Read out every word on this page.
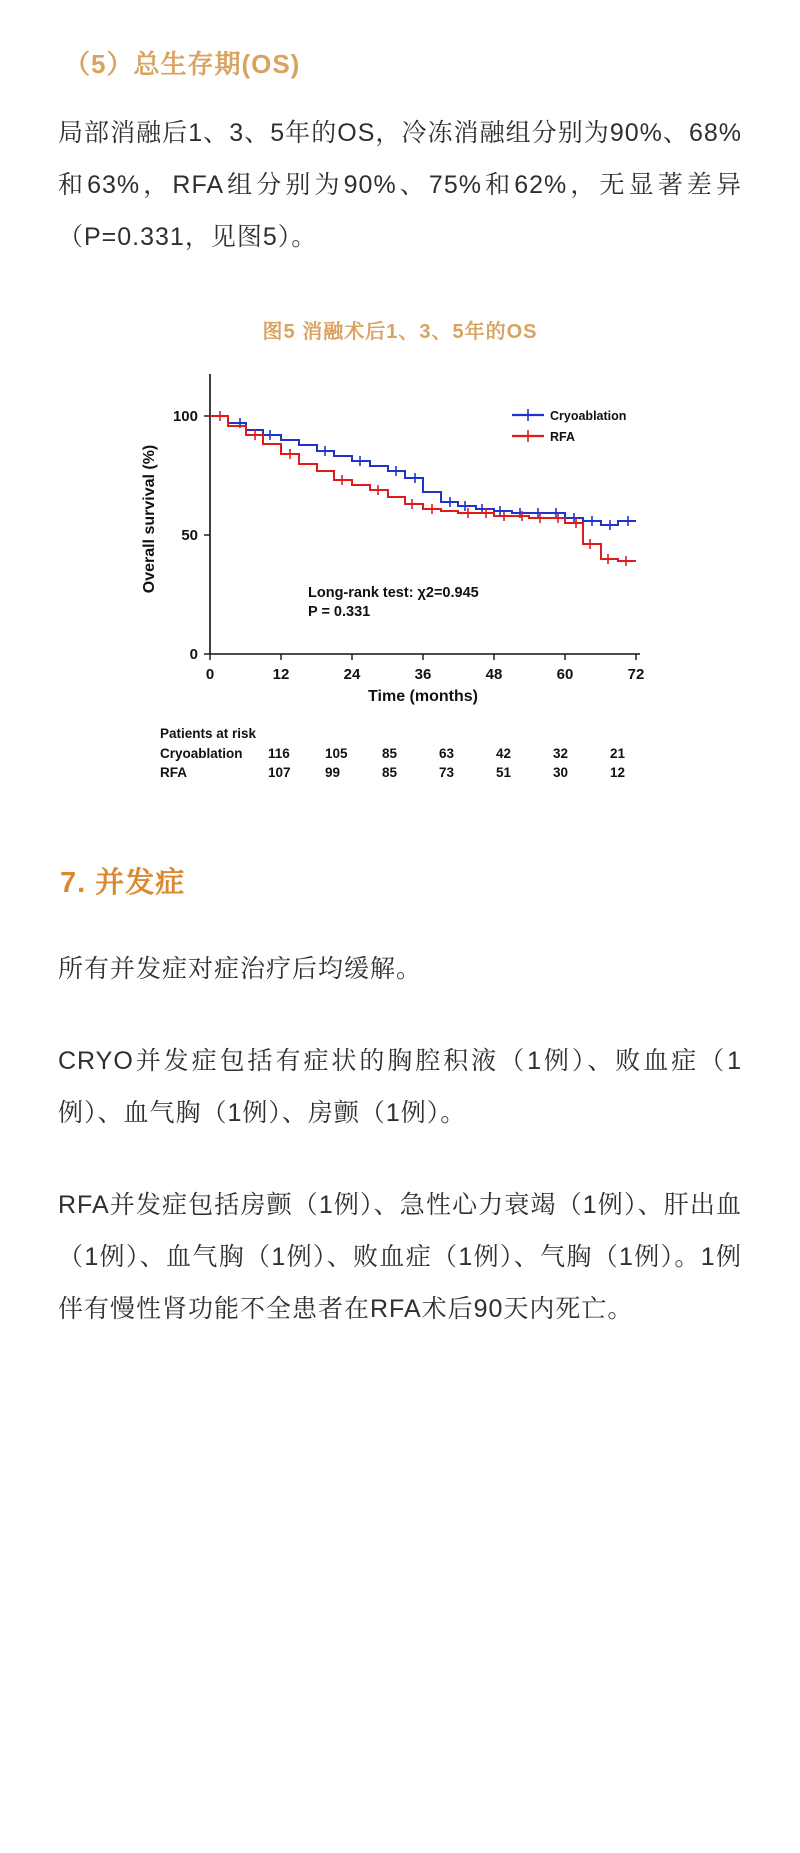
（5）总生存期(OS)

局部消融后1、3、5年的OS，冷冻消融组分别为90%、68%和63%，RFA组分别为90%、75%和62%，无显著差异（P=0.331，见图5）。

图5 消融术后1、3、5年的OS
0
50
100
0	12	24	36	48	60	72
Time (months)
Overall survival (%)
Cryoablation
RFA
Long-rank test: χ2=0.945
P = 0.331
Patients at risk
Cryoablation	116	105	85	63	42	32	21
RFA	107	99	85	73	51	30	12
7. 并发症

所有并发症对症治疗后均缓解。

CRYO并发症包括有症状的胸腔积液（1例）、败血症（1例）、血气胸（1例）、房颤（1例）。

RFA并发症包括房颤（1例）、急性心力衰竭（1例）、肝出血（1例）、血气胸（1例）、败血症（1例）、气胸（1例）。1例伴有慢性肾功能不全患者在RFA术后90天内死亡。
